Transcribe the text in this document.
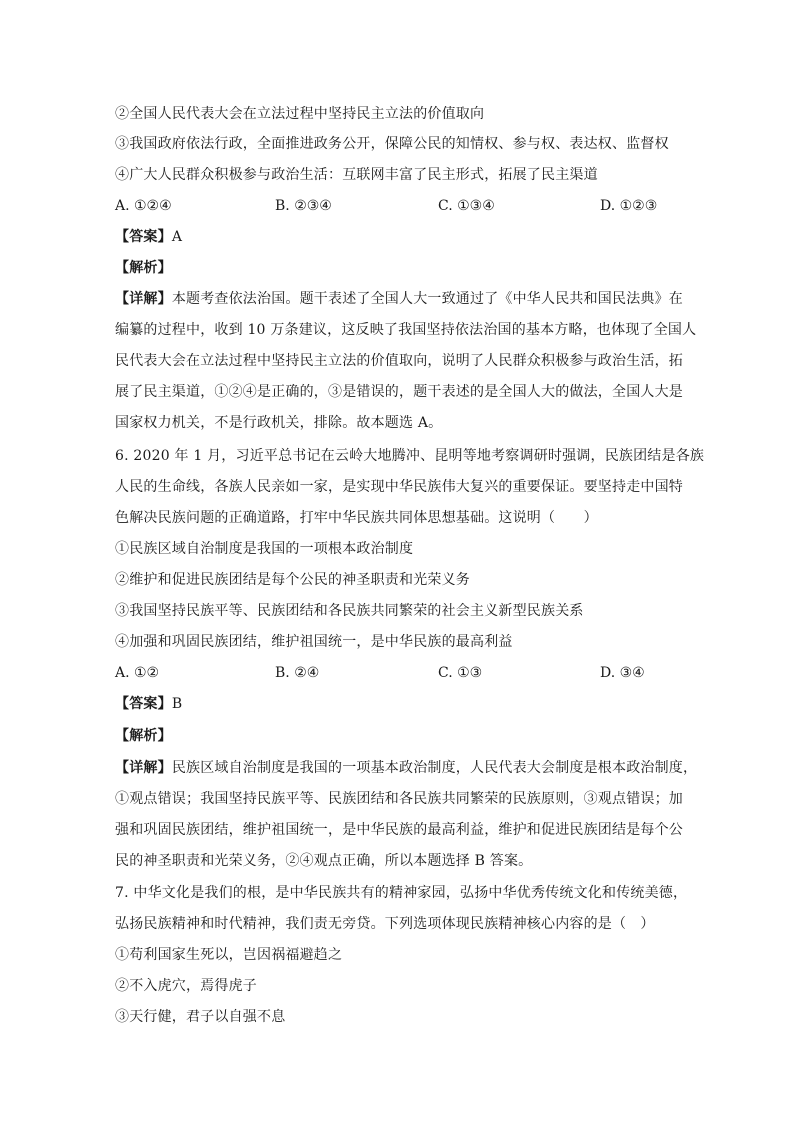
②全国人民代表大会在立法过程中坚持民主立法的价值取向
③我国政府依法行政，全面推进政务公开，保障公民的知情权、参与权、表达权、监督权
④广大人民群众积极参与政治生活：互联网丰富了民主形式，拓展了民主渠道
A. ①②④	B. ②③④	C. ①③④	D. ①②③
【答案】A
【解析】
【详解】本题考查依法治国。题干表述了全国人大一致通过了《中华人民共和国民法典》在
编纂的过程中，收到 10 万条建议，这反映了我国坚持依法治国的基本方略，也体现了全国人
民代表大会在立法过程中坚持民主立法的价值取向，说明了人民群众积极参与政治生活，拓
展了民主渠道，①②④是正确的，③是错误的，题干表述的是全国人大的做法，全国人大是
国家权力机关，不是行政机关，排除。故本题选 A。
6. 2020 年 1 月，习近平总书记在云岭大地腾冲、昆明等地考察调研时强调，民族团结是各族
人民的生命线，各族人民亲如一家，是实现中华民族伟大复兴的重要保证。要坚持走中国特
色解决民族问题的正确道路，打牢中华民族共同体思想基础。这说明（　　）
①民族区域自治制度是我国的一项根本政治制度
②维护和促进民族团结是每个公民的神圣职责和光荣义务
③我国坚持民族平等、民族团结和各民族共同繁荣的社会主义新型民族关系
④加强和巩固民族团结，维护祖国统一，是中华民族的最高利益
A. ①②	B. ②④	C. ①③	D. ③④
【答案】B
【解析】
【详解】民族区域自治制度是我国的一项基本政治制度，人民代表大会制度是根本政治制度，
①观点错误；我国坚持民族平等、民族团结和各民族共同繁荣的民族原则，③观点错误；加
强和巩固民族团结，维护祖国统一，是中华民族的最高利益，维护和促进民族团结是每个公
民的神圣职责和光荣义务，②④观点正确，所以本题选择 B 答案。
7. 中华文化是我们的根，是中华民族共有的精神家园，弘扬中华优秀传统文化和传统美德，
弘扬民族精神和时代精神，我们责无旁贷。下列选项体现民族精神核心内容的是（　）
①苟利国家生死以，岂因祸福避趋之
②不入虎穴，焉得虎子
③天行健，君子以自强不息
